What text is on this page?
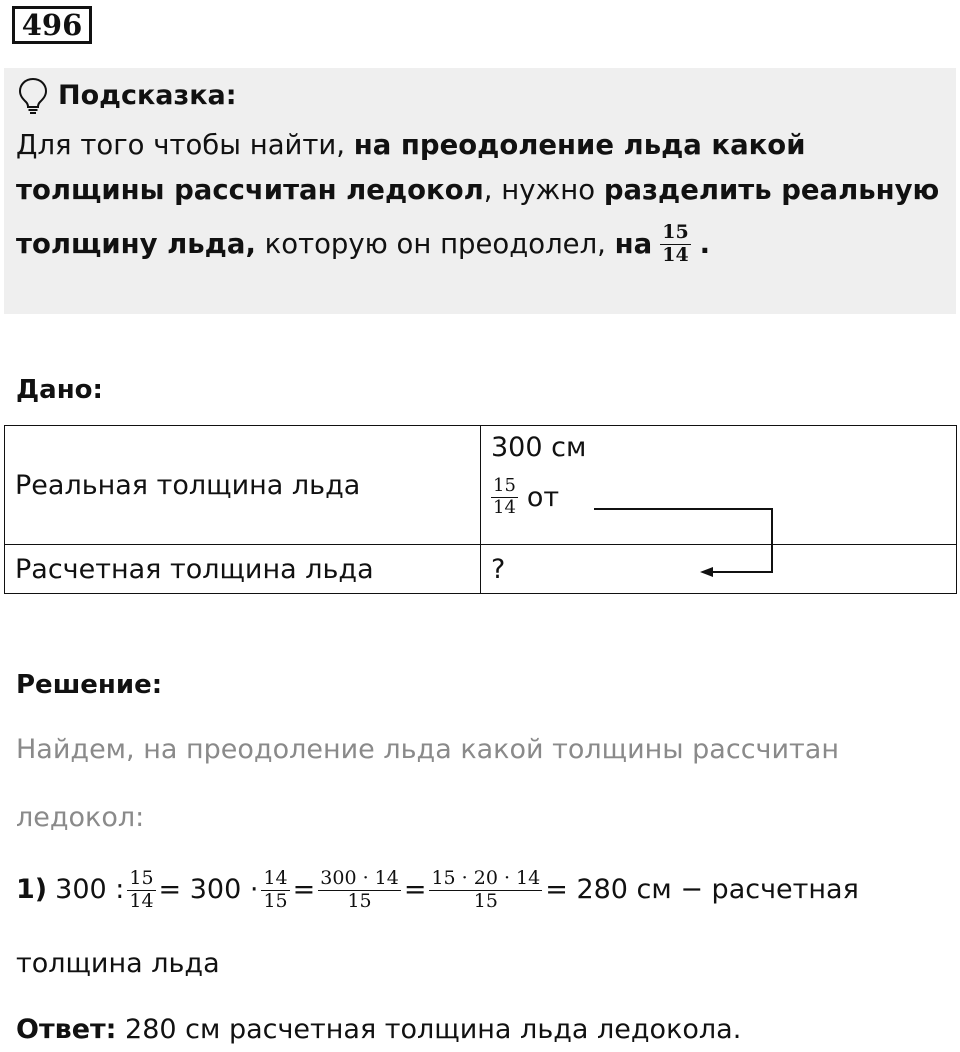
496
Подсказка:
Для того чтобы найти, на преодоление льда какой
толщины рассчитан ледокол, нужно разделить реальную
толщину льда, которую он преодолел, на $\frac{15}{14}$ .
Дано:
Реальная толщина льда	300 см
$\frac{15}{14}$ от

Расчетная толщина льда	?
Решение:
Найдем, на преодоление льда какой толщины рассчитан
ледокол:
1) 300 : $\frac{15}{14} = 300 \cdot \frac{14}{15} = \frac{300 \cdot 14}{15} = \frac{15 \cdot 20 \cdot 14}{15} = 280$ см − расчетная
толщина льда
Ответ: 280 см расчетная толщина льда ледокола.
